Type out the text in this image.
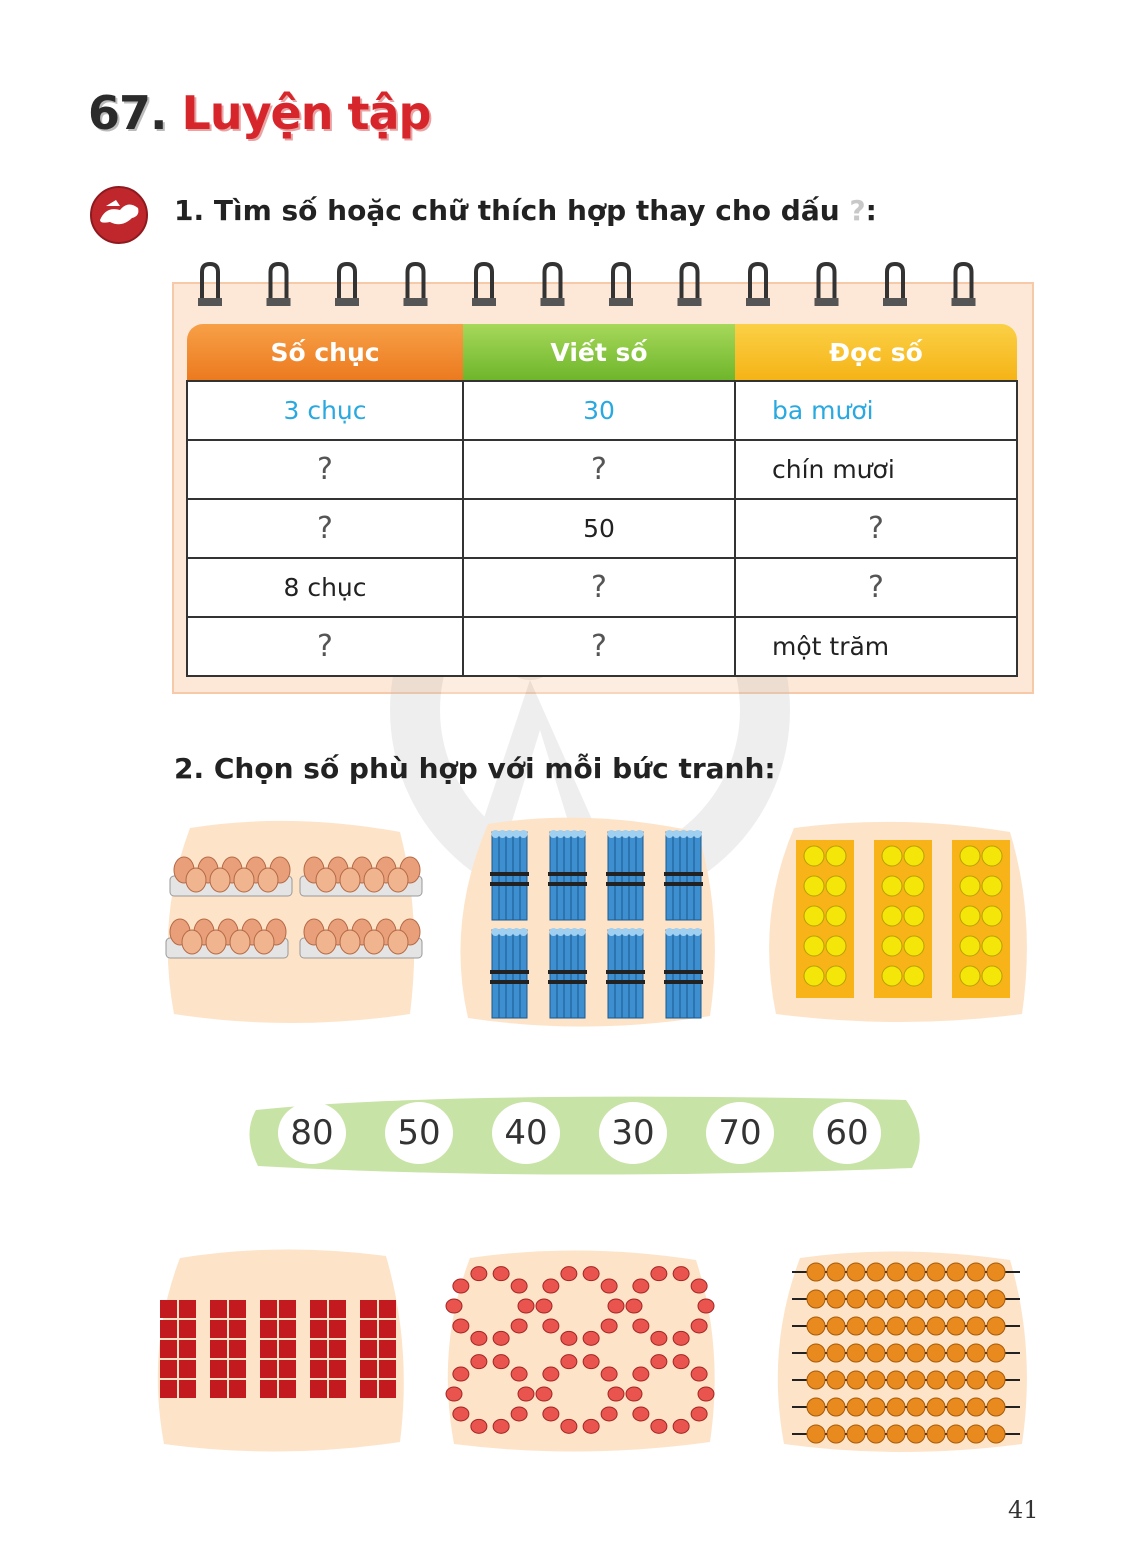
67. Luyện tập
1. Tìm số hoặc chữ thích hợp thay cho dấu ?:
Số chục	Viết số	Đọc số
3 chục	30	ba mươi
?	?	chín mươi
?	50	?
8 chục	?	?
?	?	một trăm
2. Chọn số phù hợp với mỗi bức tranh:
80	50	40	30	70	60
41
